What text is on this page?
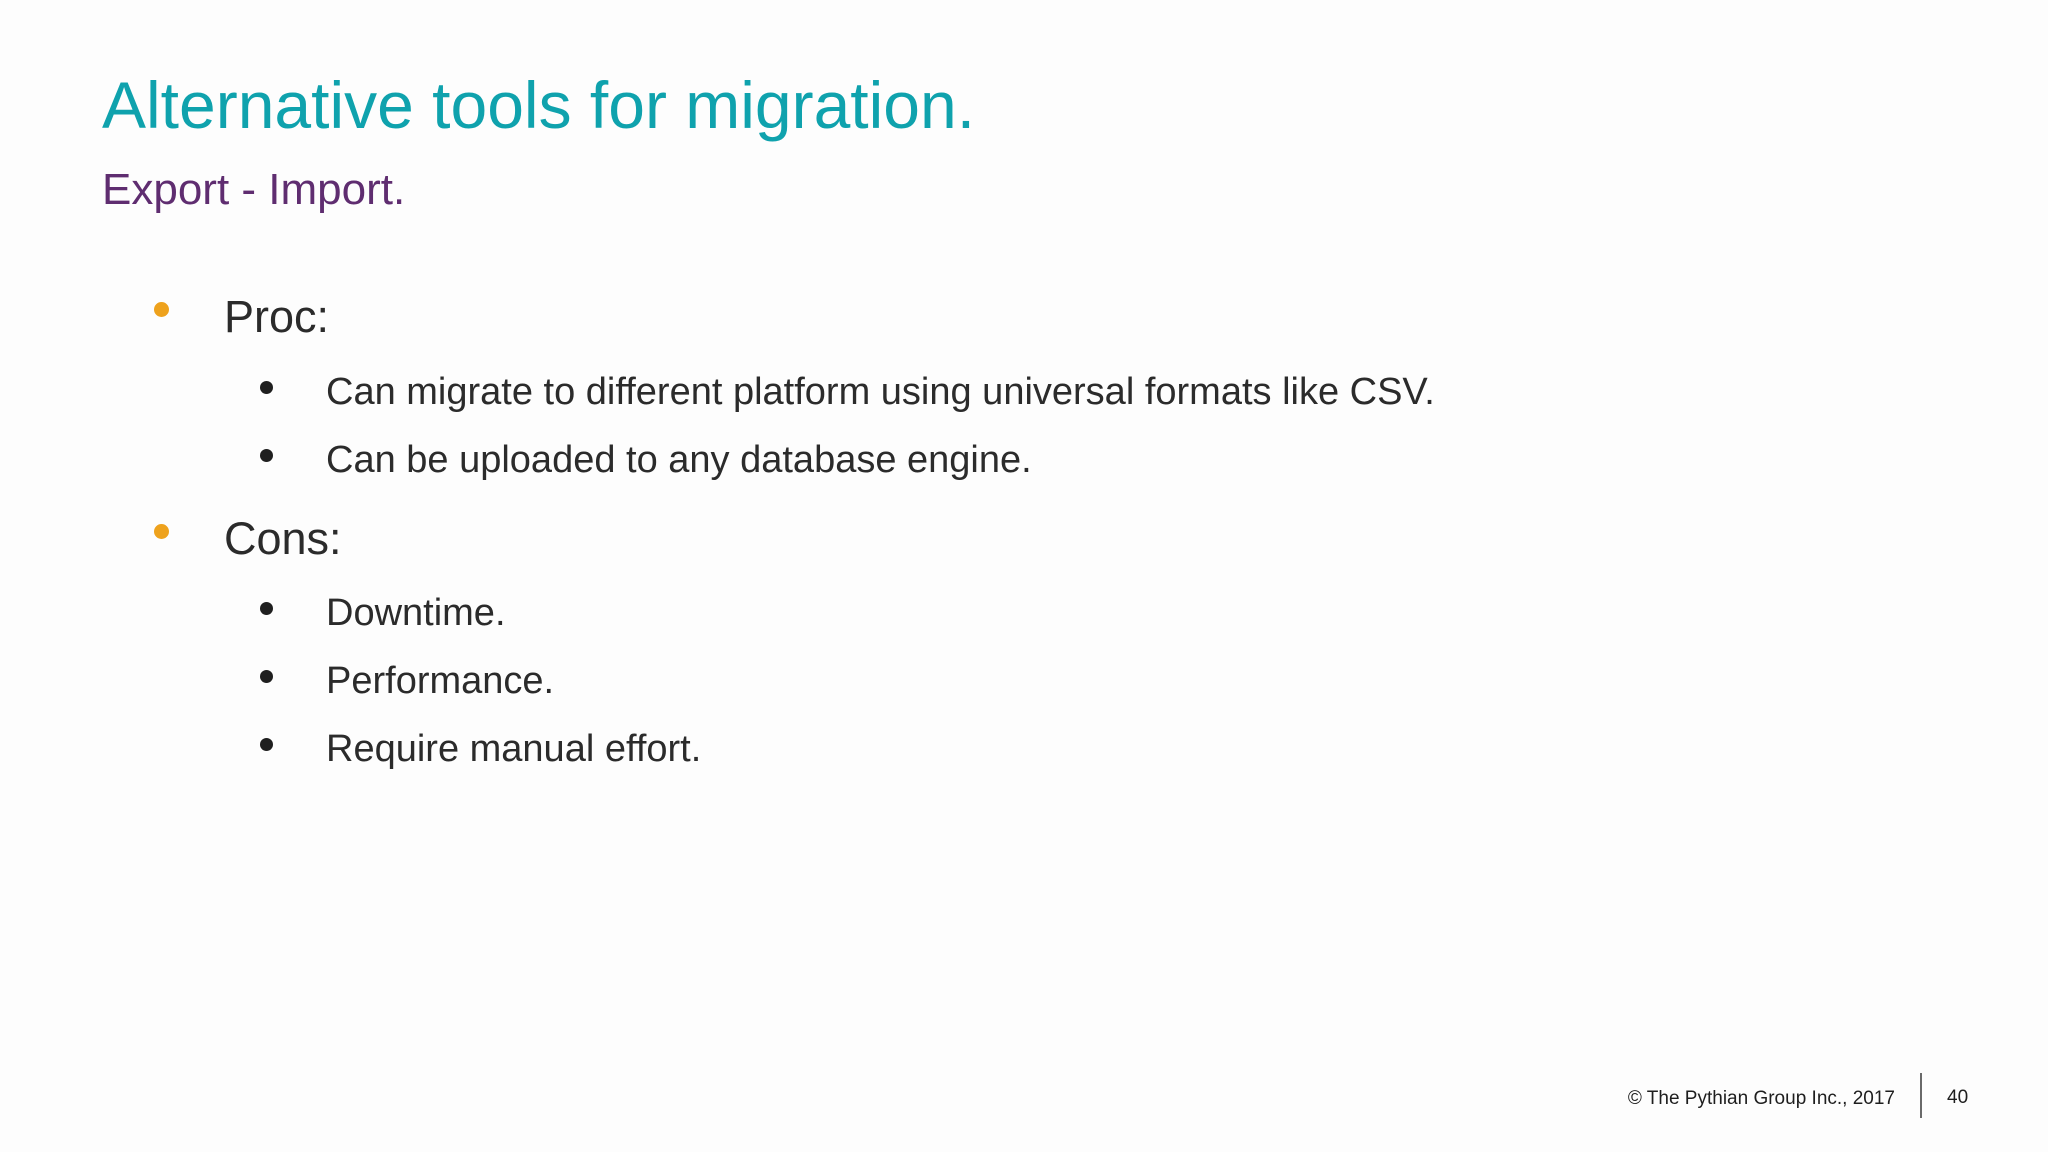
Alternative tools for migration.
Export - Import.
Proc:
Can migrate to different platform using universal formats like CSV.
Can be uploaded to any database engine.
Cons:
Downtime.
Performance.
Require manual effort.
© The Pythian Group Inc., 2017	40
